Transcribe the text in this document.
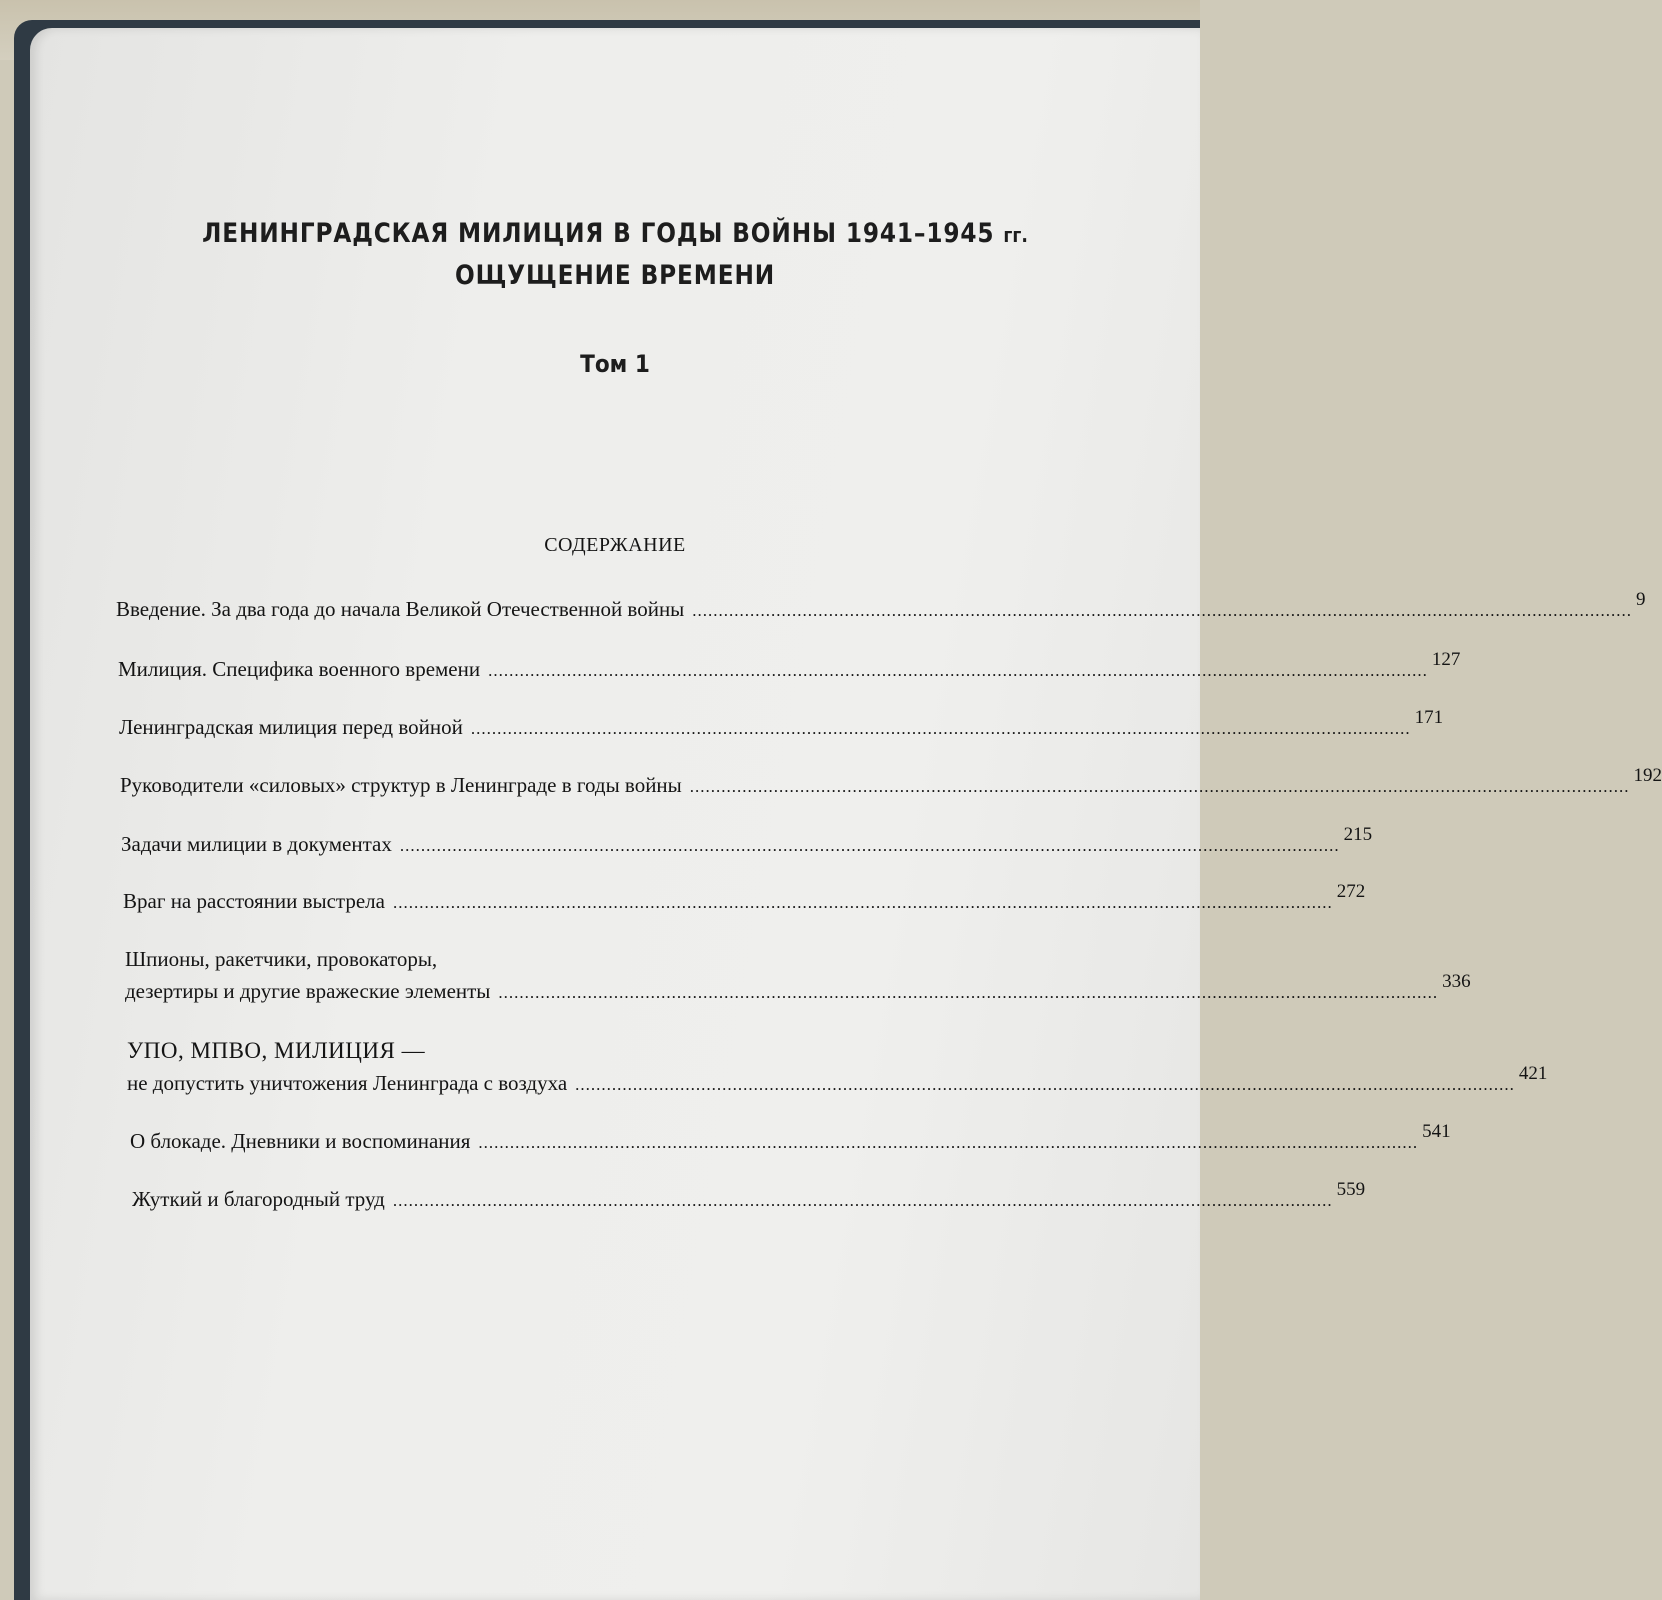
ЛЕНИНГРАДСКАЯ МИЛИЦИЯ В ГОДЫ ВОЙНЫ 1941–1945 гг.
ОЩУЩЕНИЕ ВРЕМЕНИ
Том 1
СОДЕРЖАНИЕ
Введение. За два года до начала Великой Отечественной войны ...................................................................................................................................................................................
9
Милиция. Специфика военного времени ...................................................................................................................................................................................
127
Ленинградская милиция перед войной ...................................................................................................................................................................................
171
Руководители «силовых» структур в Ленинграде в годы войны ...................................................................................................................................................................................
192
Задачи милиции в документах ...................................................................................................................................................................................
215
Враг на расстоянии выстрела ...................................................................................................................................................................................
272
Шпионы, ракетчики, провокаторы,
дезертиры и другие вражеские элементы ...................................................................................................................................................................................
336
УПО, МПВО, МИЛИЦИЯ —
не допустить уничтожения Ленинграда с воздуха ...................................................................................................................................................................................
421
О блокаде. Дневники и воспоминания ...................................................................................................................................................................................
541
Жуткий и благородный труд ...................................................................................................................................................................................
559
